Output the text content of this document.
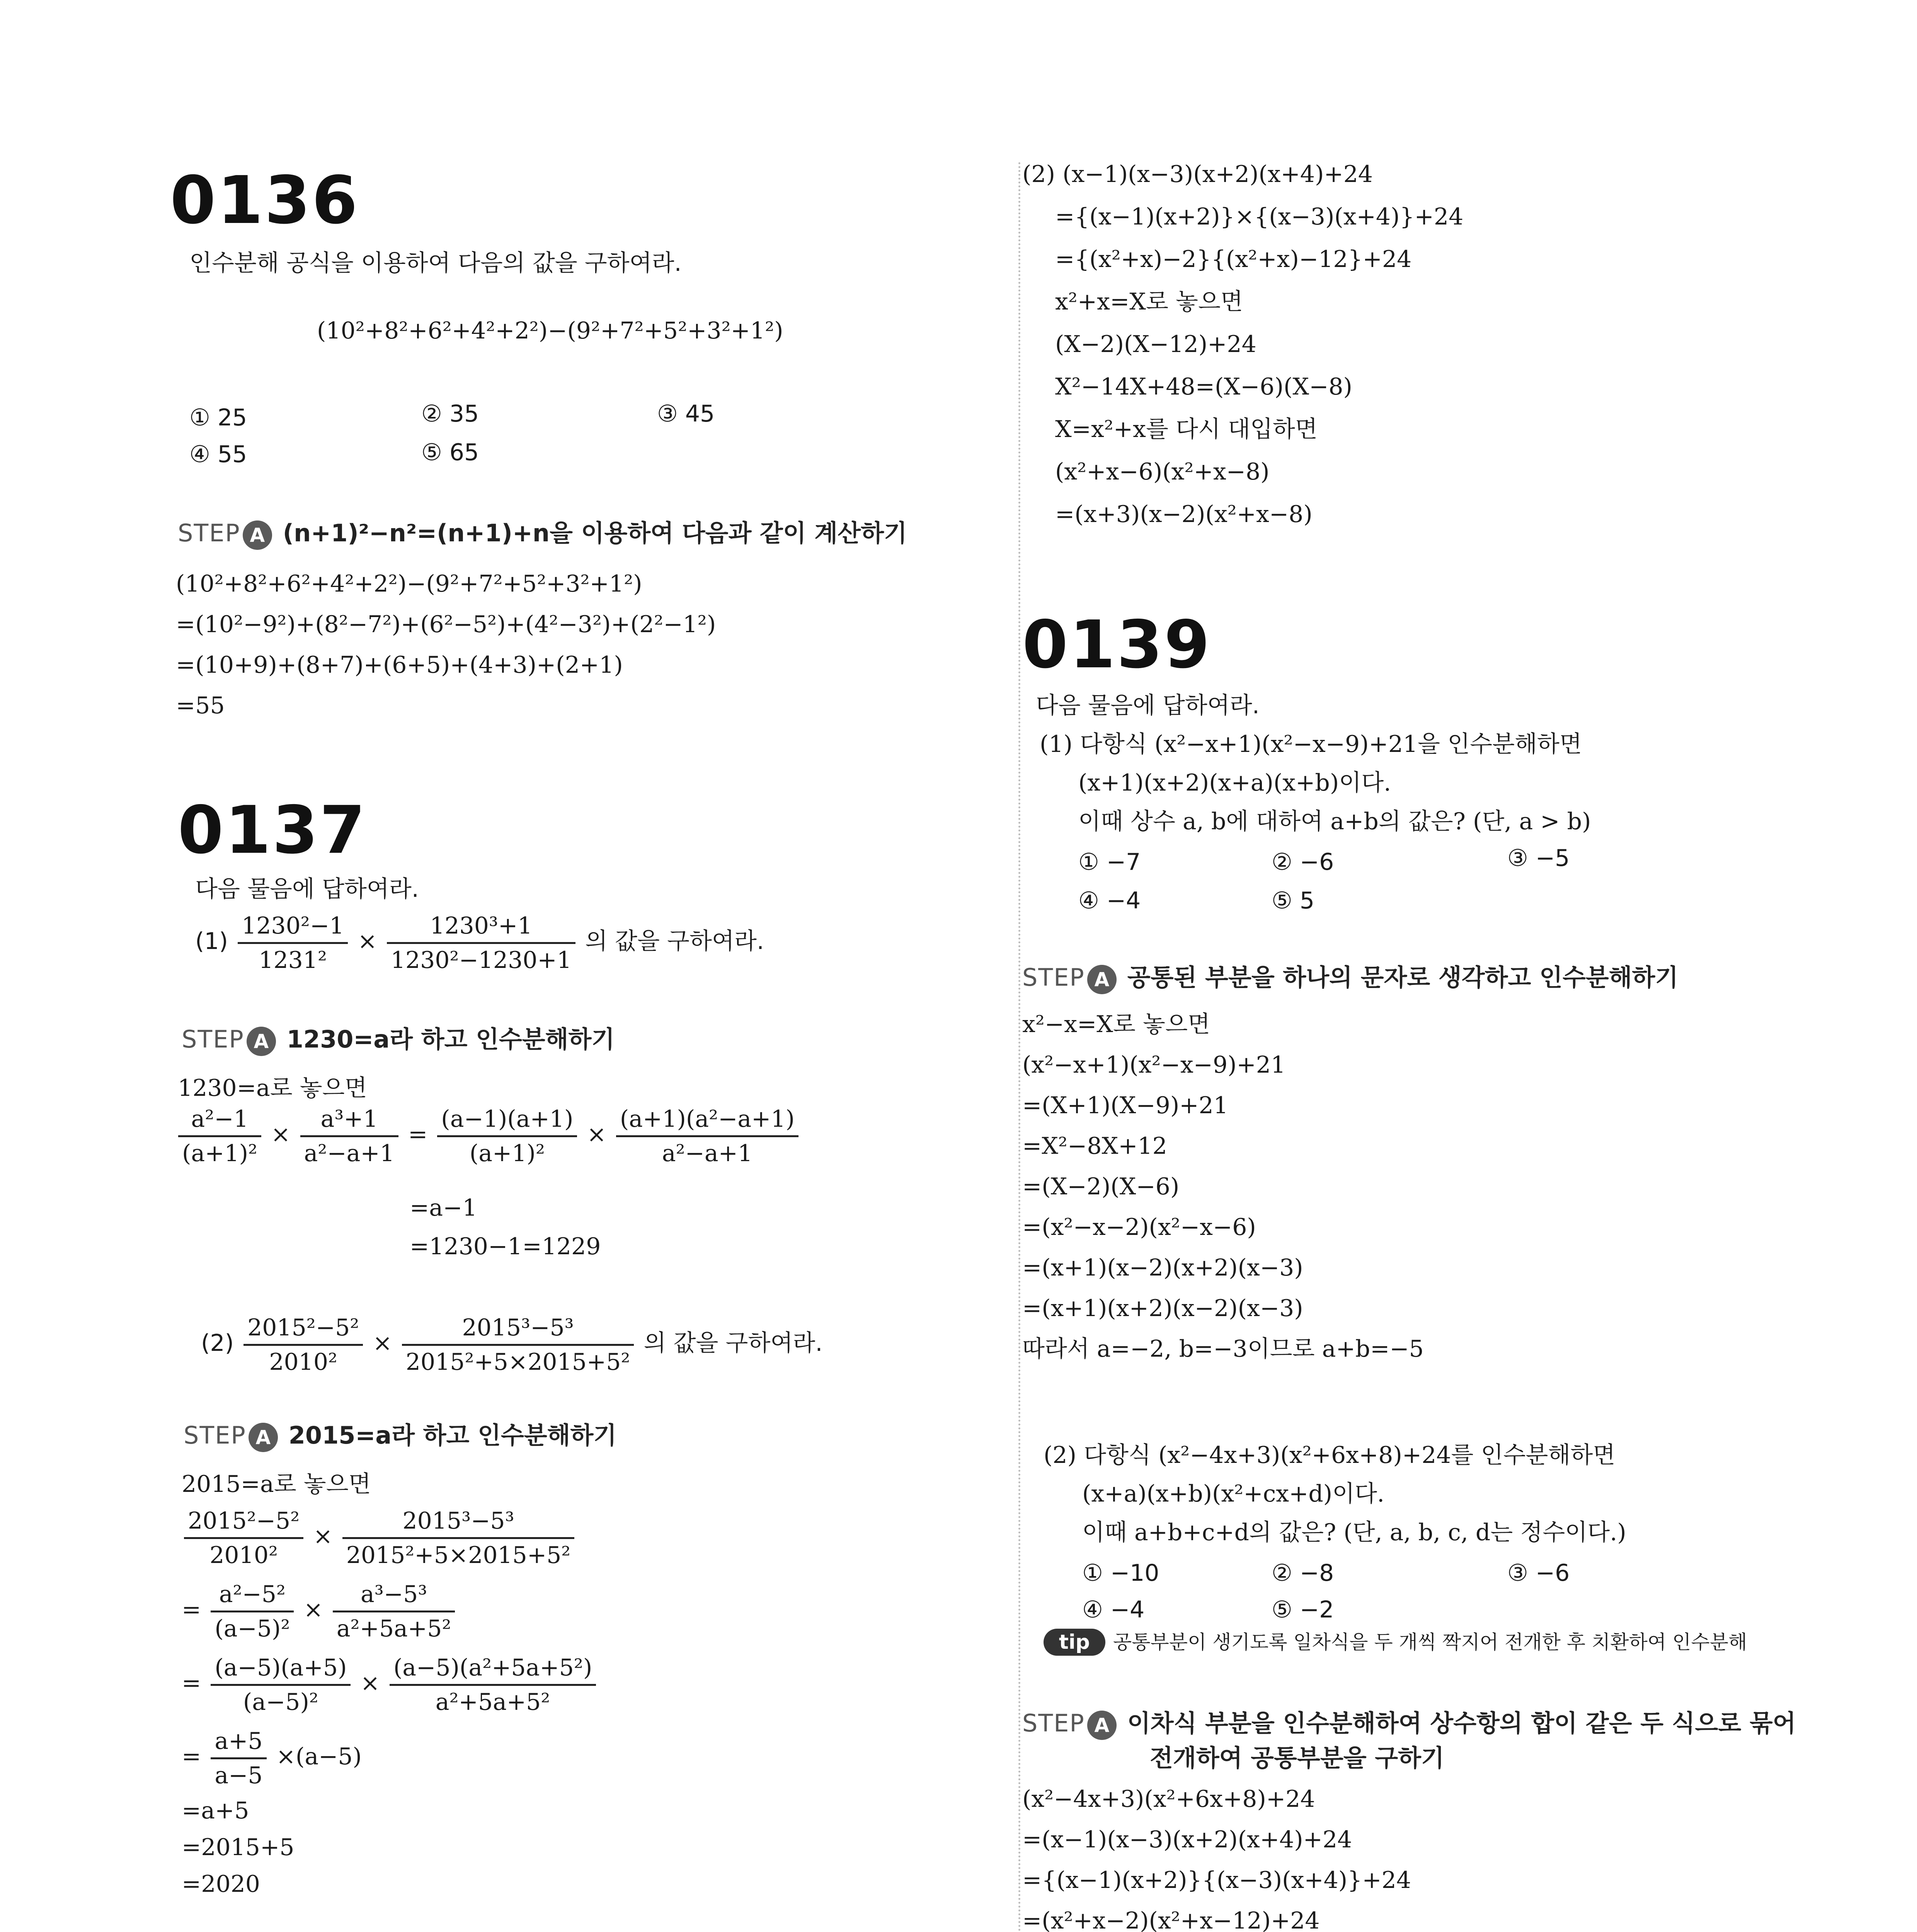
0136
인수분해 공식을 이용하여 다음의 값을 구하여라.
(10²+8²+6²+4²+2²)−(9²+7²+5²+3²+1²)
① 25	② 35	③ 45
④ 55	⑤ 65
STEP A (n+1)²−n²=(n+1)+n을 이용하여 다음과 같이 계산하기
(10²+8²+6²+4²+2²)−(9²+7²+5²+3²+1²)
=(10²−9²)+(8²−7²)+(6²−5²)+(4²−3²)+(2²−1²)
=(10+9)+(8+7)+(6+5)+(4+3)+(2+1)
=55
0137
다음 물음에 답하여라.
$(1) \frac{\text{1230²−1}}{\text{1231²}} \times \frac{\text{1230³+1}}{\text{1230²−1230+1}}$ 의 값을 구하여라.
STEP A 1230=a라 하고 인수분해하기
1230=a로 놓으면
$\frac{\text{a²−1}}{\text{(a+1)²}} \times \frac{\text{a³+1}}{\text{a²−a+1}} = \frac{(a-1)(a+1)}{\text{(a+1)²}} \times \frac{\text{(a+1)(a²−a+1)}}{\text{a²−a+1}}$
=a−1
=1230−1=1229
$(2) \frac{\text{2015²−5²}}{\text{2010²}} \times \frac{\text{2015³−5³}}{\text{2015²+5×2015+5²}}$ 의 값을 구하여라.
STEP A 2015=a라 하고 인수분해하기
2015=a로 놓으면
$\frac{\text{2015²−5²}}{\text{2010²}} \times \frac{\text{2015³−5³}}{\text{2015²+5×2015+5²}}$
= $\frac{\text{a²−5²}}{\text{(a−5)²}} \times \frac{\text{a³−5³}}{\text{a²+5a+5²}}$
= $\frac{(a-5)(a+5)}{\text{(a−5)²}} \times \frac{\text{(a−5)(a²+5a+5²)}}{\text{a²+5a+5²}}$
= $\frac{a+5}{a-5} \times(a-5)$
=a+5
=2015+5
=2020
(2) (x−1)(x−3)(x+2)(x+4)+24
={(x−1)(x+2)}×{(x−3)(x+4)}+24
={(x²+x)−2}{(x²+x)−12}+24
x²+x=X로 놓으면
(X−2)(X−12)+24
X²−14X+48=(X−6)(X−8)
X=x²+x를 다시 대입하면
(x²+x−6)(x²+x−8)
=(x+3)(x−2)(x²+x−8)
0139
다음 물음에 답하여라.
(1) 다항식 (x²−x+1)(x²−x−9)+21을 인수분해하면
(x+1)(x+2)(x+a)(x+b)이다.
이때 상수 a, b에 대하여 a+b의 값은? (단, a > b)
① −7	② −6	③ −5
④ −4	⑤ 5
STEP A 공통된 부분을 하나의 문자로 생각하고 인수분해하기
x²−x=X로 놓으면
(x²−x+1)(x²−x−9)+21
=(X+1)(X−9)+21
=X²−8X+12
=(X−2)(X−6)
=(x²−x−2)(x²−x−6)
=(x+1)(x−2)(x+2)(x−3)
=(x+1)(x+2)(x−2)(x−3)
따라서 a=−2, b=−3이므로 a+b=−5
(2) 다항식 (x²−4x+3)(x²+6x+8)+24를 인수분해하면
(x+a)(x+b)(x²+cx+d)이다.
이때 a+b+c+d의 값은? (단, a, b, c, d는 정수이다.)
① −10	② −8	③ −6
④ −4	⑤ −2
tip 공통부분이 생기도록 일차식을 두 개씩 짝지어 전개한 후 치환하여 인수분해
STEP A 이차식 부분을 인수분해하여 상수항의 합이 같은 두 식으로 묶어
전개하여 공통부분을 구하기
(x²−4x+3)(x²+6x+8)+24
=(x−1)(x−3)(x+2)(x+4)+24
={(x−1)(x+2)}{(x−3)(x+4)}+24
=(x²+x−2)(x²+x−12)+24
